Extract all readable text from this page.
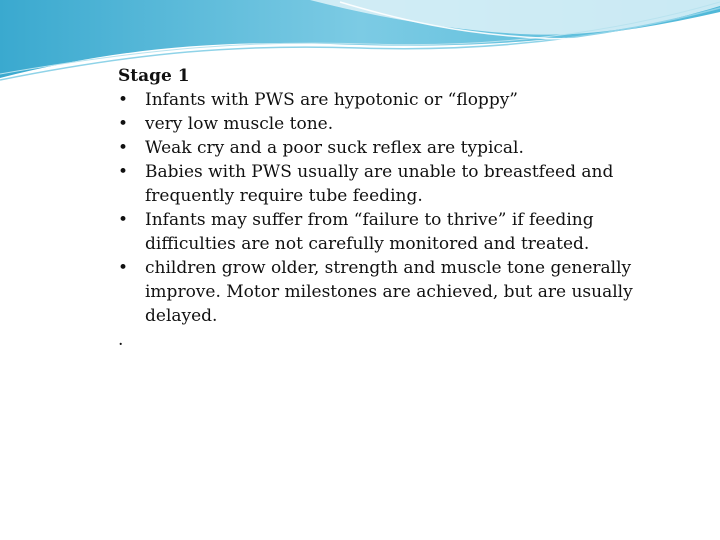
Stage 1

• Infants with PWS are hypotonic or “floppy”
• very low muscle tone.
• Weak cry and a poor suck reflex are typical.
• Babies with PWS usually are unable to breastfeed and frequently require tube feeding.
• Infants may suffer from “failure to thrive” if feeding difficulties are not carefully monitored and treated.
• children grow older, strength and muscle tone generally improve. Motor milestones are achieved, but are usually delayed.

.
